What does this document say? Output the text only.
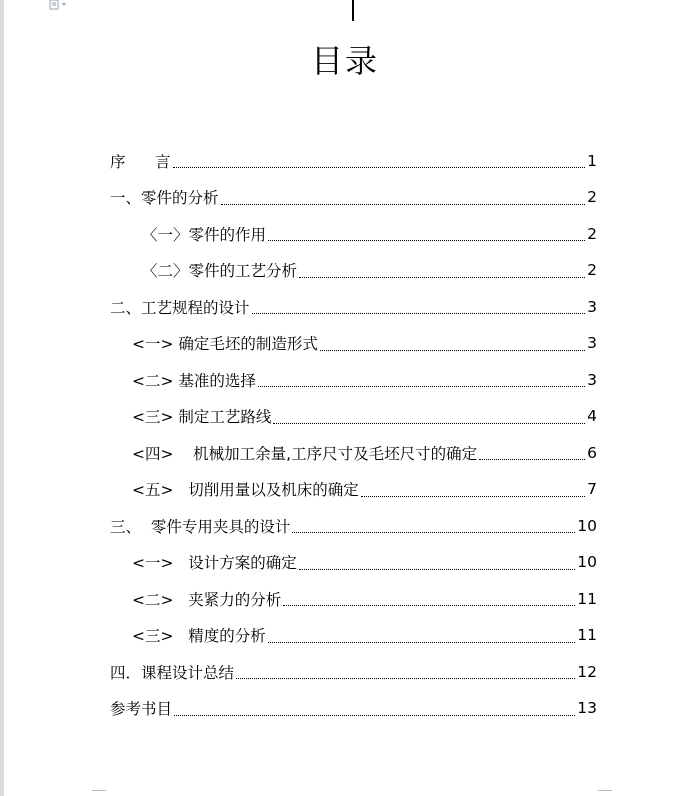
目录
序      言	1
一、零件的分析	2
〈一〉零件的作用	2
〈二〉零件的工艺分析	2
二、工艺规程的设计	3
<一> 确定毛坯的制造形式	3
<二> 基准的选择	3
<三> 制定工艺路线	4
<四>    机械加工余量,工序尺寸及毛坯尺寸的确定	6
<五>   切削用量以及机床的确定	7
三、  零件专用夹具的设计	10
<一>   设计方案的确定	10
<二>   夹紧力的分析	11
<三>   精度的分析	11
四．课程设计总结	12
参考书目	13
